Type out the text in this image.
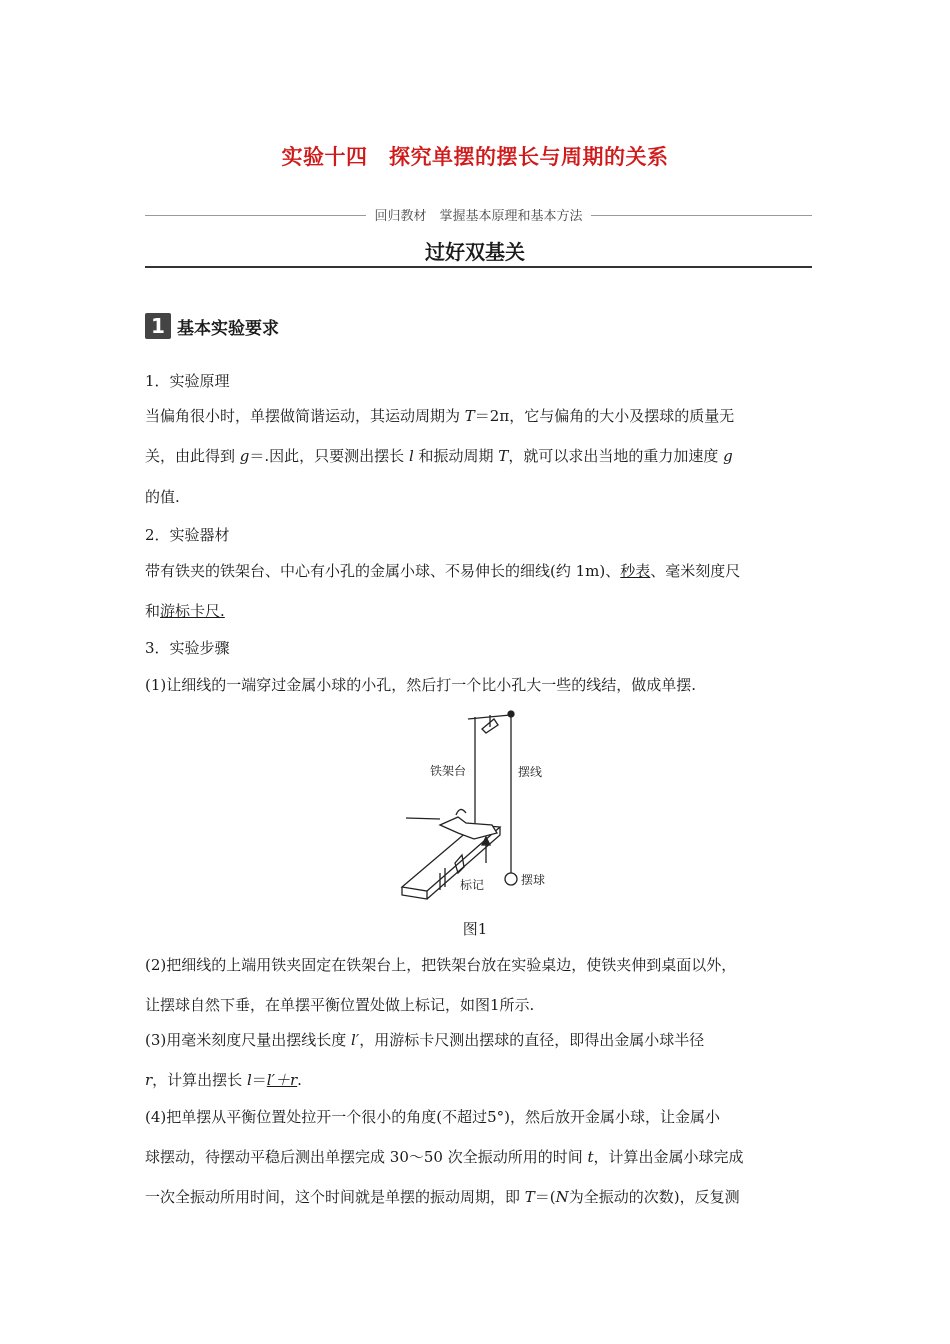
实验十四　探究单摆的摆长与周期的关系
回归教材　掌握基本原理和基本方法
过好双基关
1 基本实验要求
1．实验原理
当偏角很小时，单摆做简谐运动，其运动周期为 T＝2π，它与偏角的大小及摆球的质量无
关，由此得到 g＝.因此，只要测出摆长 l 和振动周期 T，就可以求出当地的重力加速度 g
的值.
2．实验器材
带有铁夹的铁架台、中心有小孔的金属小球、不易伸长的细线(约 1m)、秒表、毫米刻度尺
和游标卡尺.
3．实验步骤
(1)让细线的一端穿过金属小球的小孔，然后打一个比小孔大一些的线结，做成单摆.
铁架台	摆线
标记	摆球
图1
(2)把细线的上端用铁夹固定在铁架台上，把铁架台放在实验桌边，使铁夹伸到桌面以外，
让摆球自然下垂，在单摆平衡位置处做上标记，如图1所示.
(3)用毫米刻度尺量出摆线长度 l′，用游标卡尺测出摆球的直径，即得出金属小球半径
r，计算出摆长 l＝l′＋r.
(4)把单摆从平衡位置处拉开一个很小的角度(不超过5°)，然后放开金属小球，让金属小
球摆动，待摆动平稳后测出单摆完成 30～50 次全振动所用的时间 t，计算出金属小球完成
一次全振动所用时间，这个时间就是单摆的振动周期，即 T＝(N为全振动的次数)，反复测
